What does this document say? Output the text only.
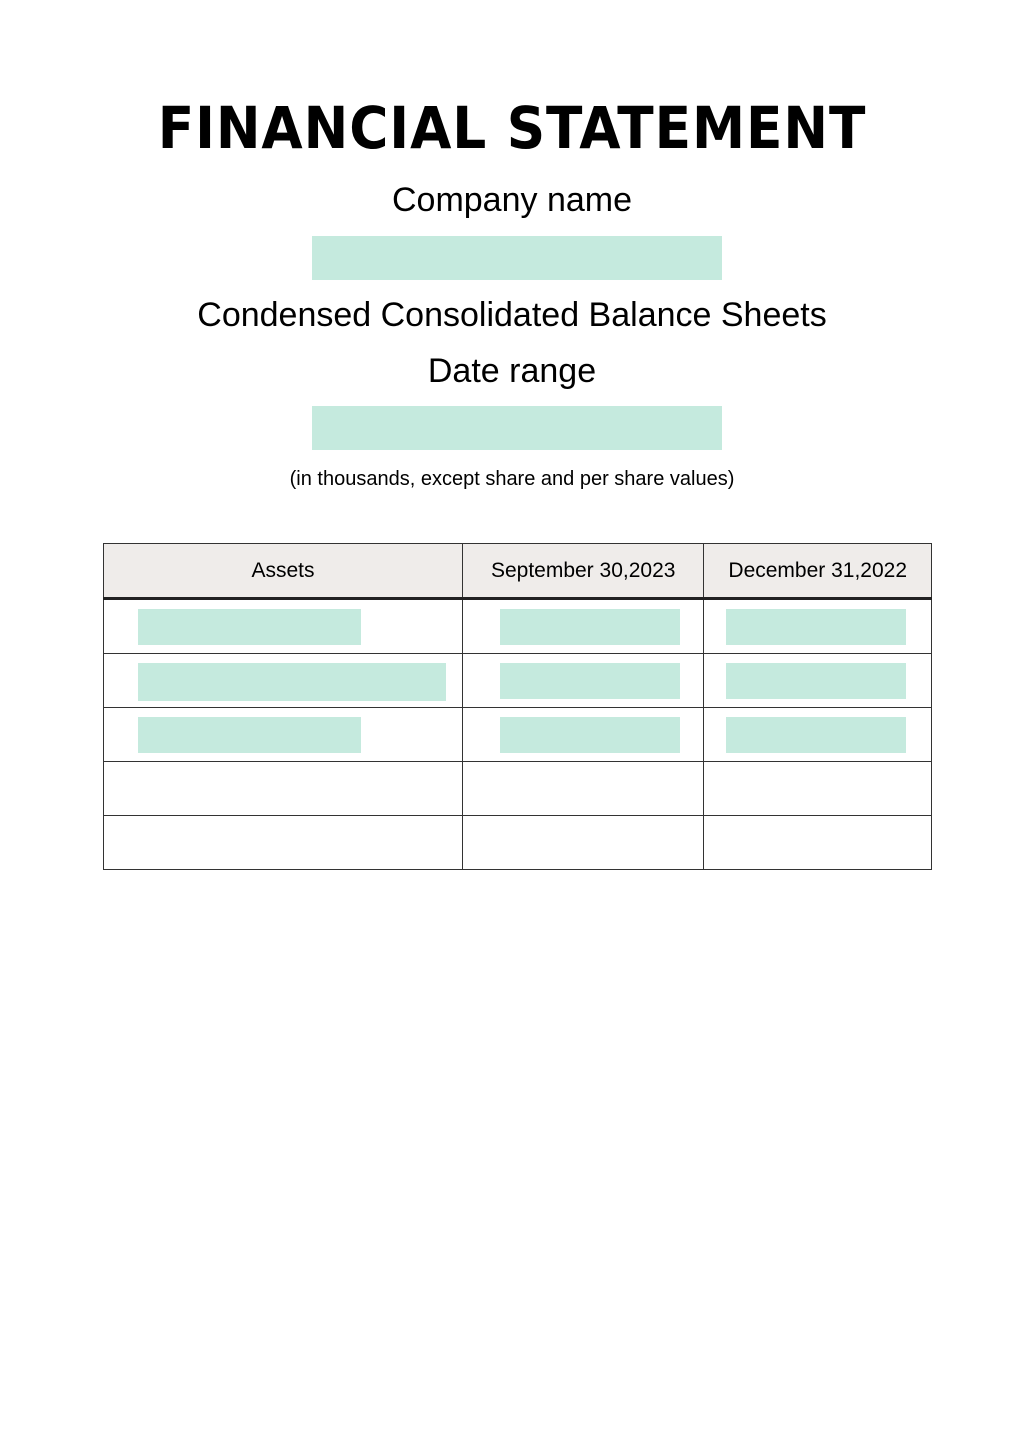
FINANCIAL STATEMENT
Company name
Condensed Consolidated Balance Sheets
Date range
(in thousands, except share and per share values)
Assets	September 30,2023	December 31,2022
